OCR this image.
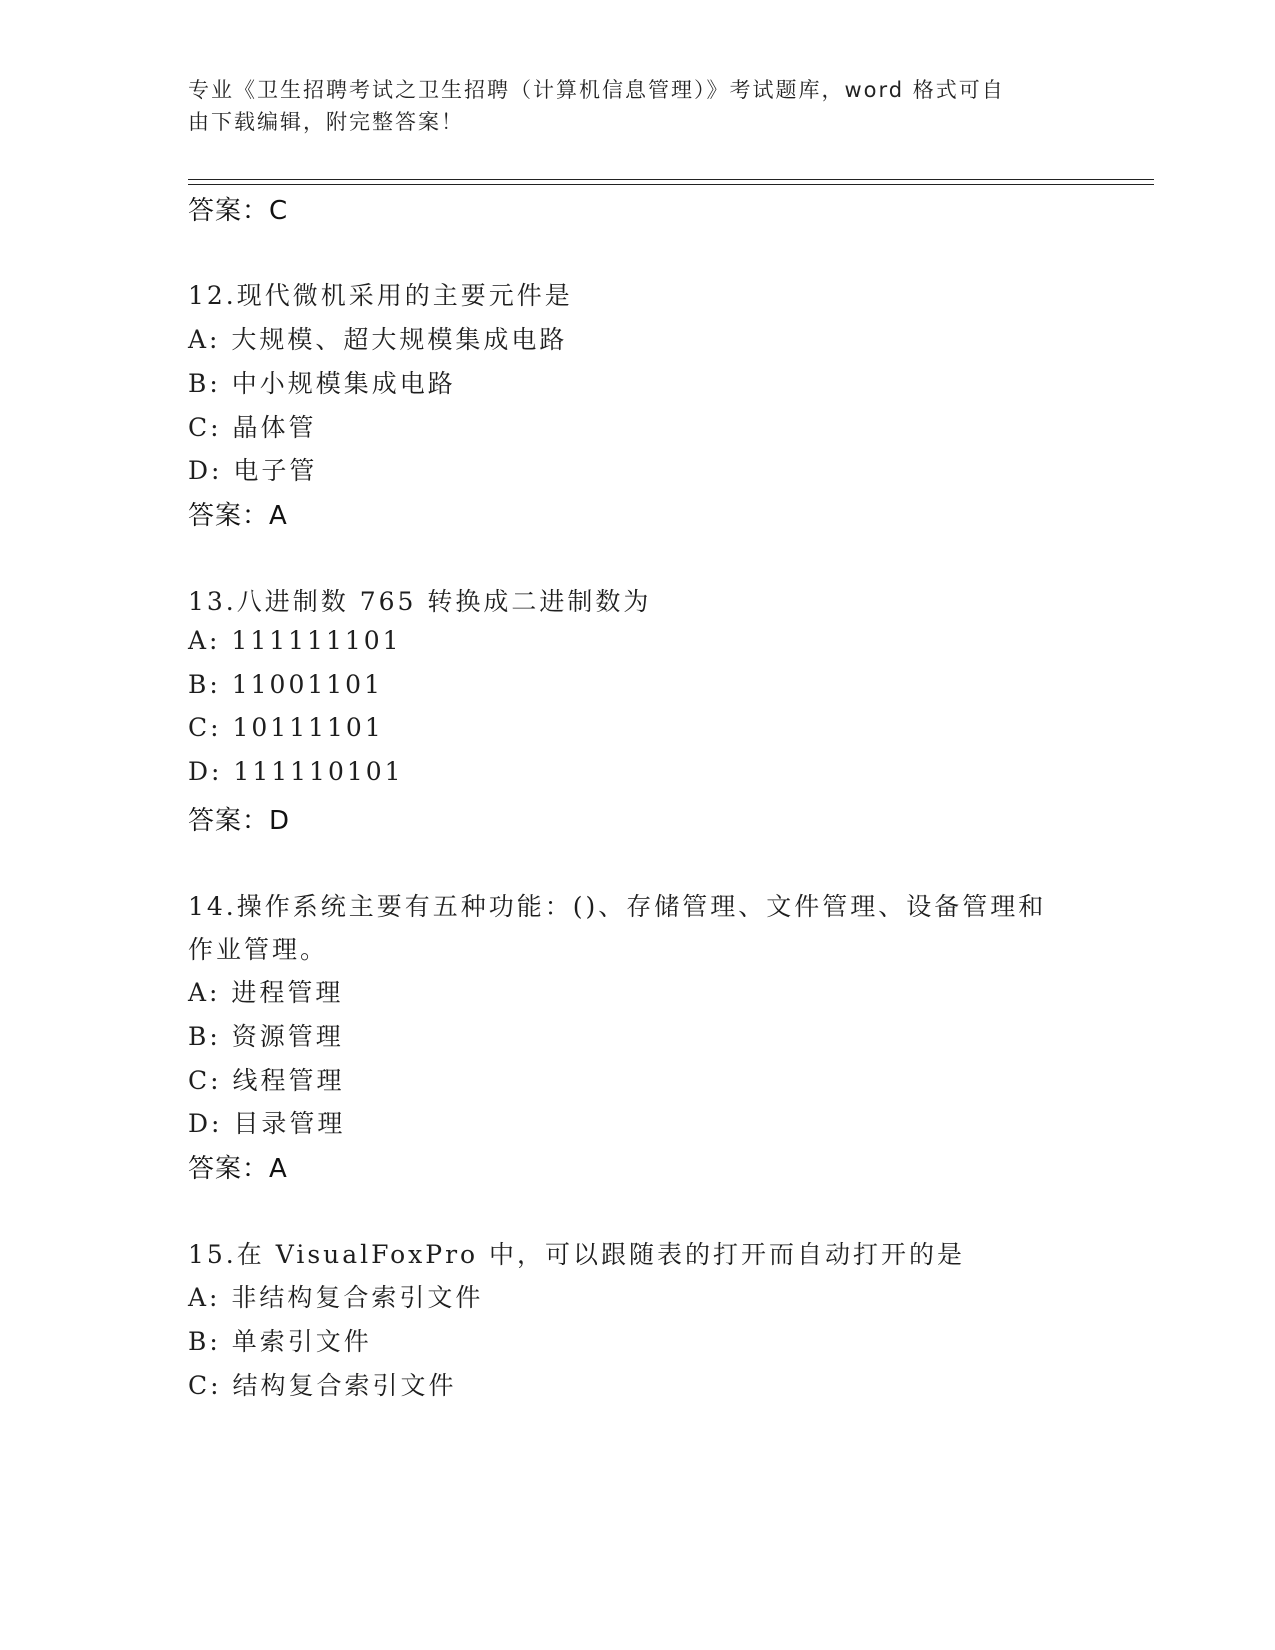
专业《卫生招聘考试之卫生招聘（计算机信息管理）》考试题库，word 格式可自
由下载编辑，附完整答案！
答案：C
12.现代微机采用的主要元件是
A: 大规模、超大规模集成电路
B: 中小规模集成电路
C: 晶体管
D: 电子管
答案：A
13.八进制数 765 转换成二进制数为
A: 111111101
B: 11001101
C: 10111101
D: 111110101
答案：D
14.操作系统主要有五种功能：()、存储管理、文件管理、设备管理和
作业管理。
A: 进程管理
B: 资源管理
C: 线程管理
D: 目录管理
答案：A
15.在 VisualFoxPro 中，可以跟随表的打开而自动打开的是
A: 非结构复合索引文件
B: 单索引文件
C: 结构复合索引文件
